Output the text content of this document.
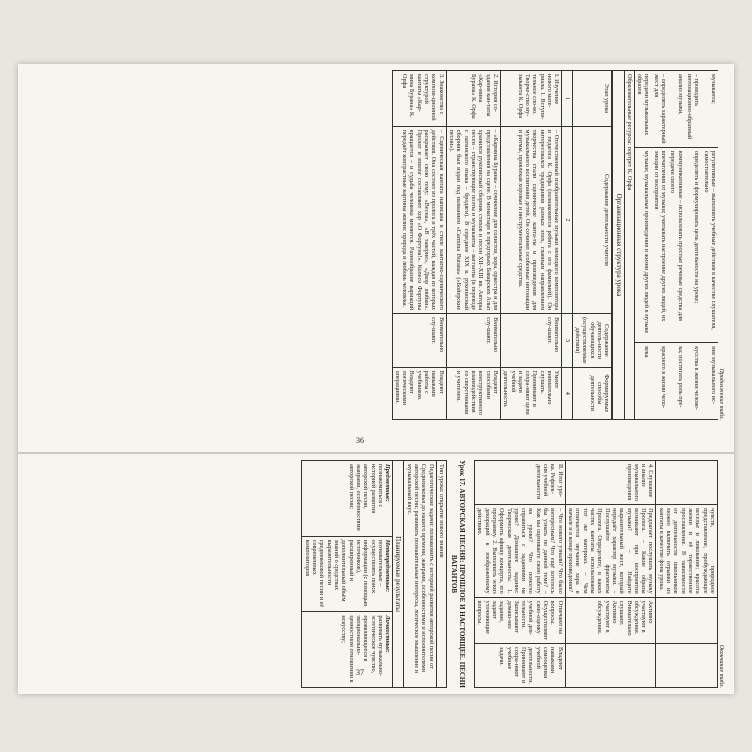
36
37
Продолжение табл.
музыканта;	регулятивные – выполнять учебные действия в качестве слушателя, самостоятельно	ние музыкального ис-
– проводить интонационно-образный	определять и формулировать цель деятельности на уроке;	кусства в жизни челове-
анализ музыки,	коммуникативные – использовать простые речевые средства для передачи своего	ка; постигать роль пре-
– определять характерный жест для	впечатления от музыки; учитывать настроение других людей, их эмоции от восприятия	красного в жизни чело-
передачи музыкальных образов	музыки; музыкальные произведения и жизни других людей в музыке	века
Образовательные ресурсы: портрет К. Орфа
Организационная структура урока
Этап урока	Содержание деятельности учителя	Содержание деятель-ности обучающихся (осуществляемые действия)	Формируемые способы деятельности
1	2	3	4
I. Изучение нового мате-риала. 1. Вступи-тельное сло-во. Творче-ство му-зыканта К. Орфа	– Отечественный изобразительные музыки немецкого композитора и педагога К. Орфа (познакомятся ребята с его фамилией). Он интересовался традициями разных эпох, главным направлением творчества стали сценические канта-ты и произведения для музыкального воспитания детей. Он сочинял особенные интонации и ритмы, привлекая хоровые и инструментальные средства.	Внимательно слу-шают.	Умеют внимательно слушать. Принимают и сохра-няют цели и задачи учебной деятельности.
2. История со-здания кан-таты «Кар-мина Бурана» К. Орфа	– «Кармина Бурана» – сочинение для солистов, хора, оркестра и для представления на сцене. В монастыре в предгорьях Баварских Альп хранился рукописный сборник стихов и песен XII–XIII вв. Авторы песен – странствующие поэты и музыканты – вагганты (в переводе с латинского языка – бродяги). В середине XIX в. рукописный сборник был издан под названием «Carmina Burana» («Бойерские песни»).	Внимательно слу-шают.	Владеют способами конструктивного взаимодействия со сверстниками и учителем.
3. Знакомство с компози-ционной структурой кантаты «Кар-мина Бурана» К. Орфа	– Сценическая кантата написана в стиле кантатно-сценического действия. Она состоит из пролога и трёх частей, каждая из которых раскрывает свою тему: «Весна», «В таверне», «Двор любви». Пролог и эпилог составляют хор «О Фортуна!». Колесо Фортуны вращается – и судьба человека меняется. Разнообразие вариаций передаёт контрастные картины жизни: природа и любовь человека.	Внимательно слу-шают.	Владеют навыками работы с учебником. Владеют логическими операциями.
Окончание табл.
	чувств, природное представление, пробуждающее веселье и ликование; красота жизни и её торжественное прославление. В зависимости от деятельности школьников можно включить отрывки из кантаты в качестве фона урока.		
4. Слушание и анализ музыкального произведения	Предлагает послушать музыку Пролога. – Какие образы возникают при восприятии музыки? – Найдите выразительный жест, который передаёт характер музыки. – Послушайте фрагменты Пролога. Определите, в каких частях кантаты использованы тот же материал. – Чем отличается звучание хора в начале и в конце произведения?	Активно участвуют в обсуждении. Внимательно слушают. Активно участвуют в обсуждении.	
II. Итог уро-ка. Рефлек-сия учебной деятельности	– Что нового узнали? Что было интересным? Что ещё хотелось бы узнать по данной теме? – Как вы оцениваете свою работу на уроке? Что помогло справиться с заданиями на уроке? Домашнее задание: Творческая деятельность: 1. Оформить афишу концерта, его программу. 2. Выполнить эскиз декораций к изображенному действию.	Отвечают на вопросы. Осуществляют само-оценку учебной дея-тельности. Записывают домаш-нее задание, задают уточняющие вопросы.	Владеют навыками самооценки учебной деятельности. Принимают и сохра-няют учебные задачи.
Урок 17. АВТОРСКАЯ ПЕСНЯ: ПРОШЛОЕ И НАСТОЯЩЕЕ. ПЕСНИ ВАГАНТОВ
Тип урока: открытие нового знания
Педагогические задачи: познакомить с историей развития авторской песни от Средневековья до нашего времени, жанрами, особенностями и исполнителями авторской песни; развивать познавательные интересы, логическое мышление и музыкальный вкус.
Планируемые результаты

Предметные:
познакомиться с историей развития авторской песни, жанрами, особенностями авторской песни;

Метапредметные:
познавательные – осуществлять поиск информации (с помощью источников), расширенный и дополнительный объём знаний о средствах выразительности средневековой песни и её современных композиторов

Личностные:
развивать музыкально-эстетическое чувство, проявляющееся в эмоционально-ценностном отношении к искусству;
